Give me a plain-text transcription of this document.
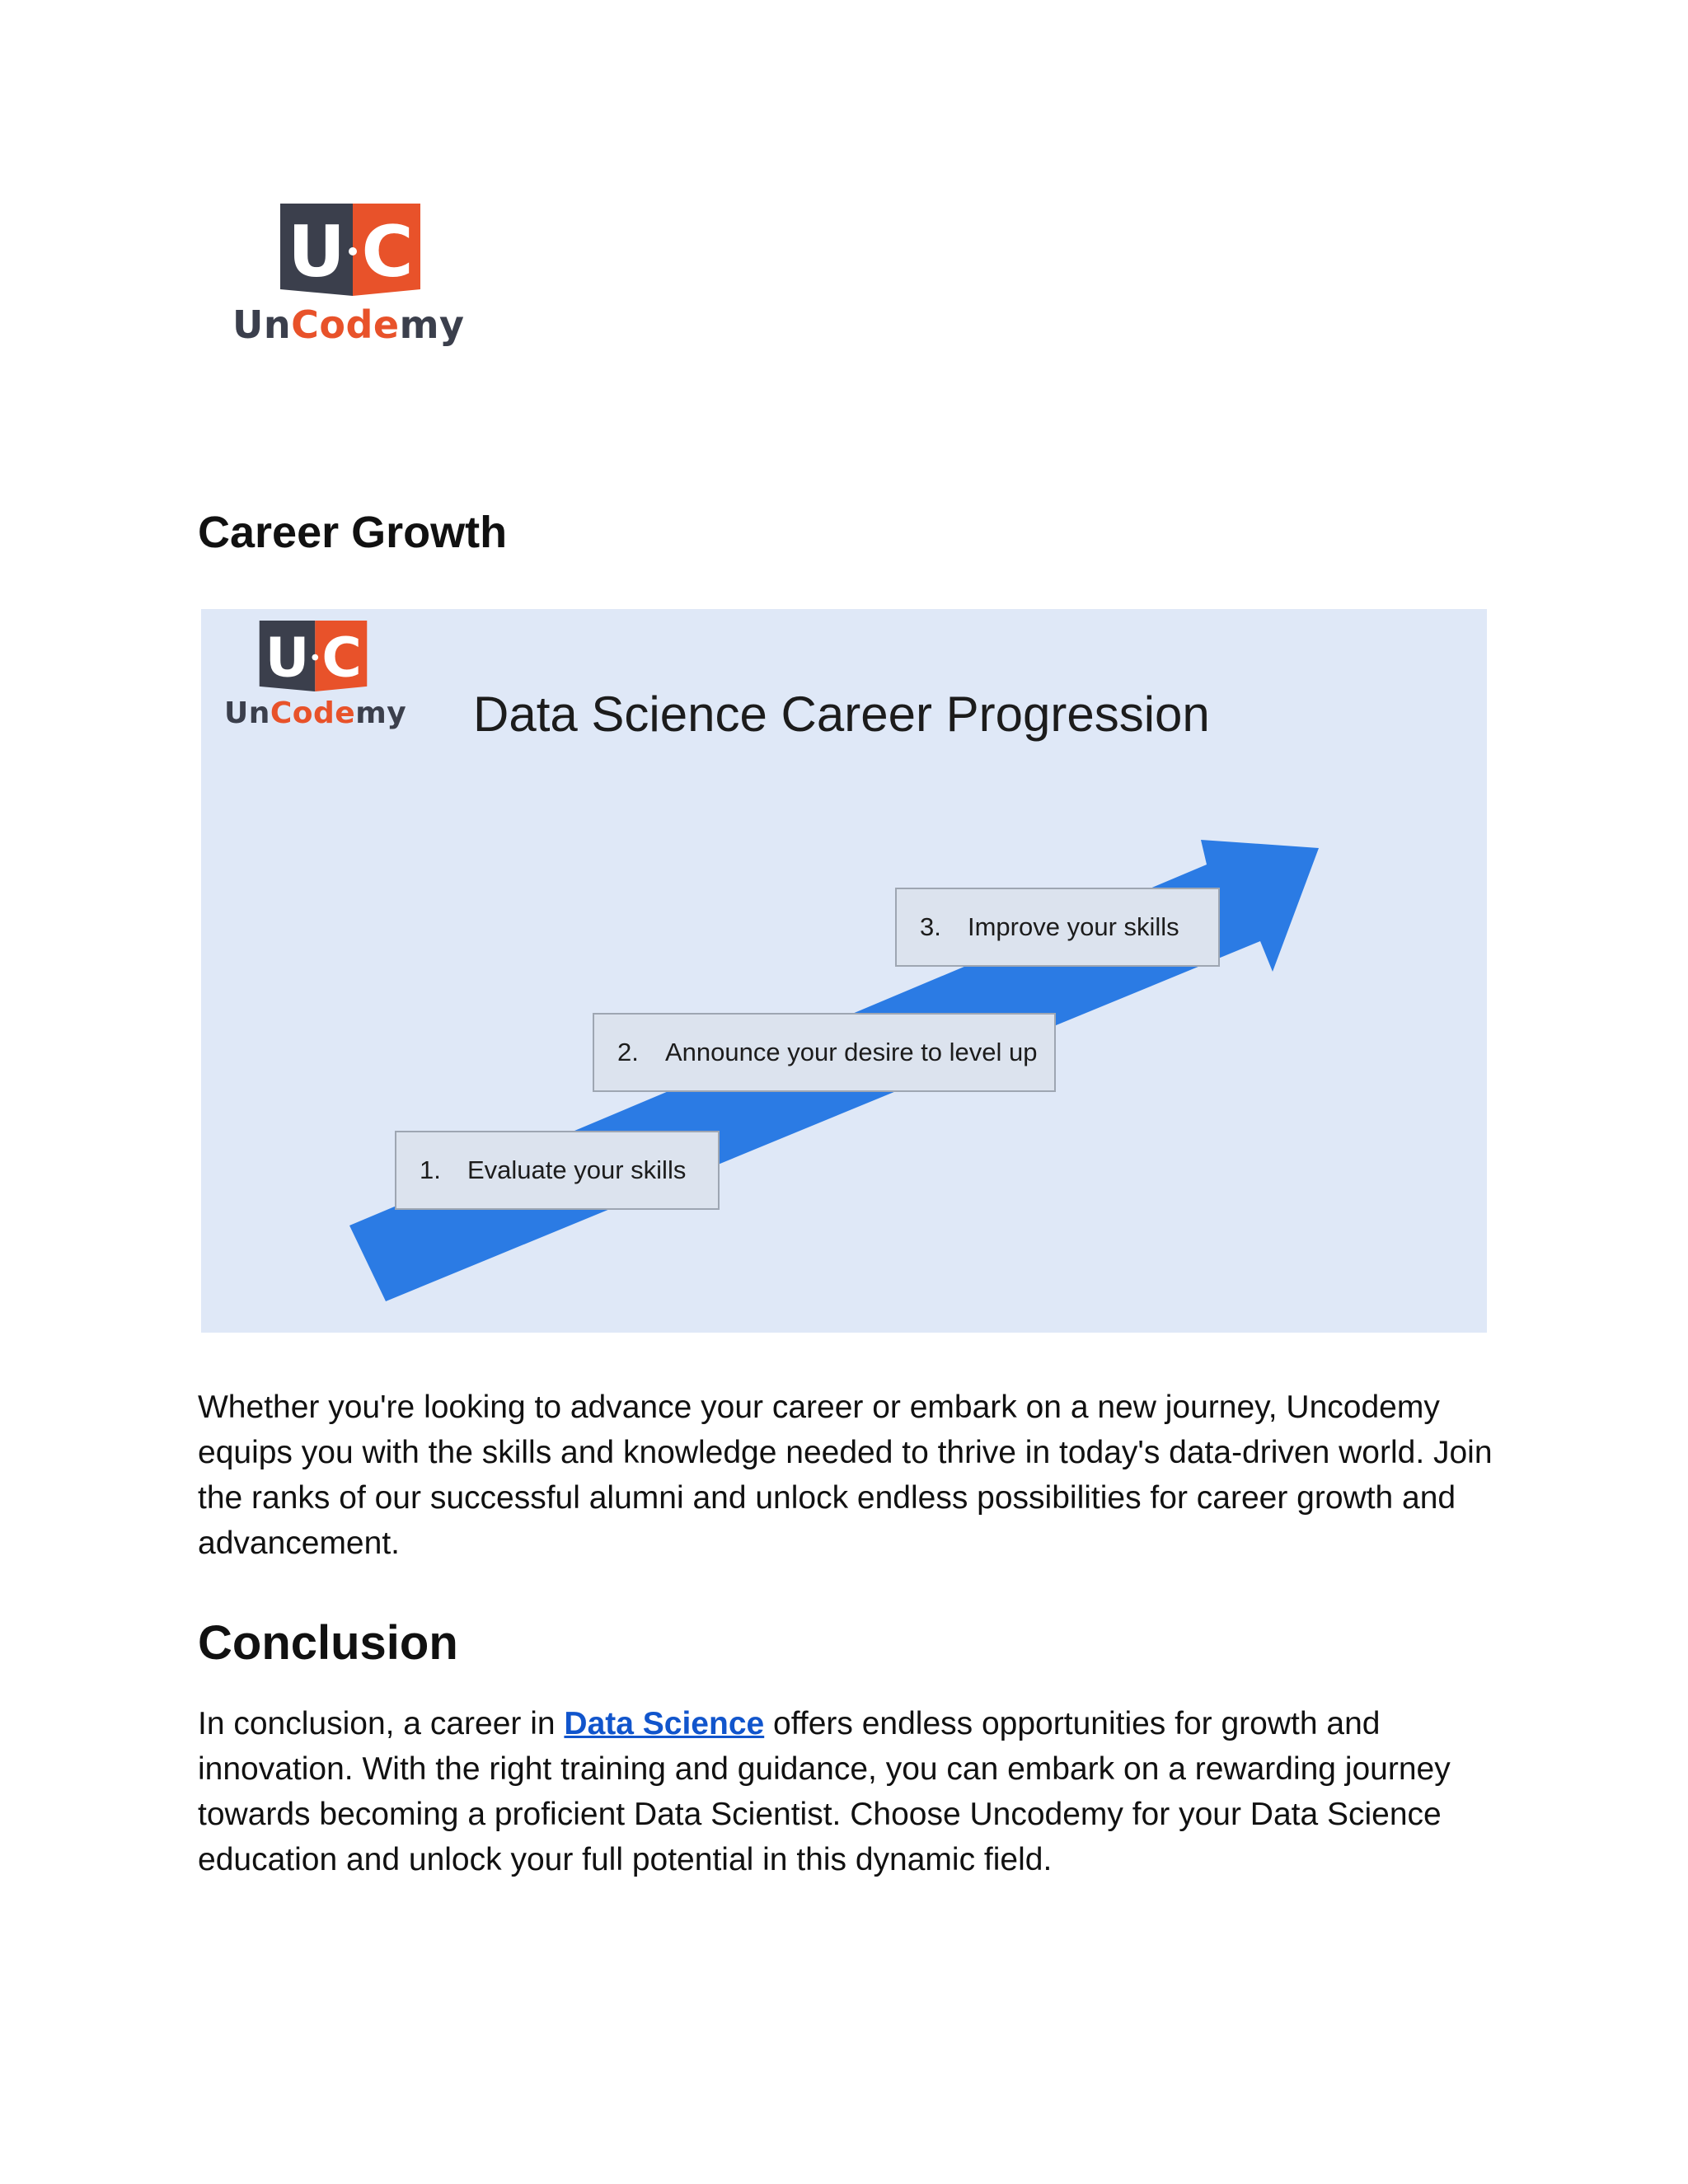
U C
UnCodemy
Career Growth
U C
UnCodemy Data Science Career Progression
1.	Evaluate your skills
2.	Announce your desire to level up
3.	Improve your skills

Whether you're looking to advance your career or embark on a new journey, Uncodemy equips you with the skills and knowledge needed to thrive in today's data-driven world. Join the ranks of our successful alumni and unlock endless possibilities for career growth and advancement.

Conclusion

In conclusion, a career in Data Science offers endless opportunities for growth and innovation. With the right training and guidance, you can embark on a rewarding journey towards becoming a proficient Data Scientist. Choose Uncodemy for your Data Science education and unlock your full potential in this dynamic field.
